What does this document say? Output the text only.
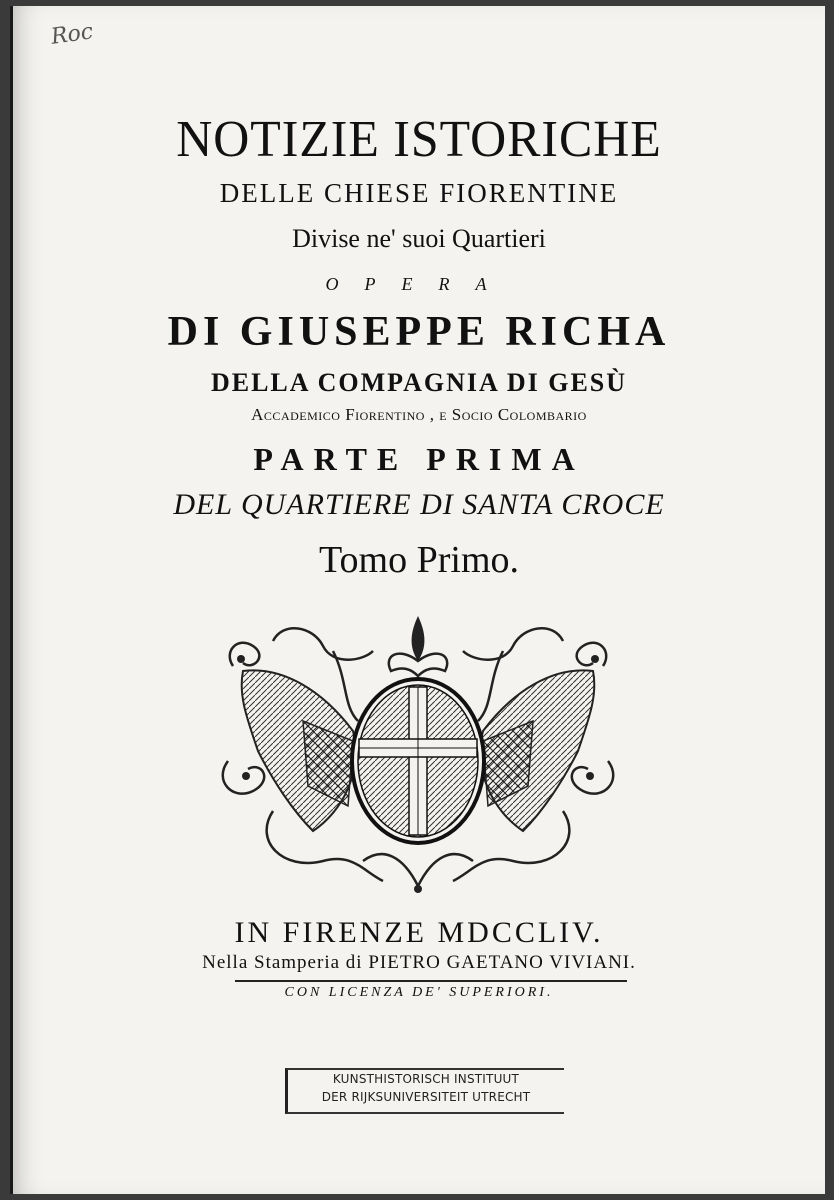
Roc
NOTIZIE ISTORICHE
DELLE CHIESE FIORENTINE
Divise ne' suoi Quartieri
OPERA
DI GIUSEPPE RICHA
DELLA COMPAGNIA DI GESÙ
Accademico Fiorentino , e Socio Colombario
PARTE PRIMA
DEL QUARTIERE DI SANTA CROCE
Tomo Primo.
IN FIRENZE MDCCLIV.
Nella Stamperia di PIETRO GAETANO VIVIANI.
CON LICENZA DE' SUPERIORI.
KUNSTHISTORISCH INSTITUUT
DER RIJKSUNIVERSITEIT UTRECHT
